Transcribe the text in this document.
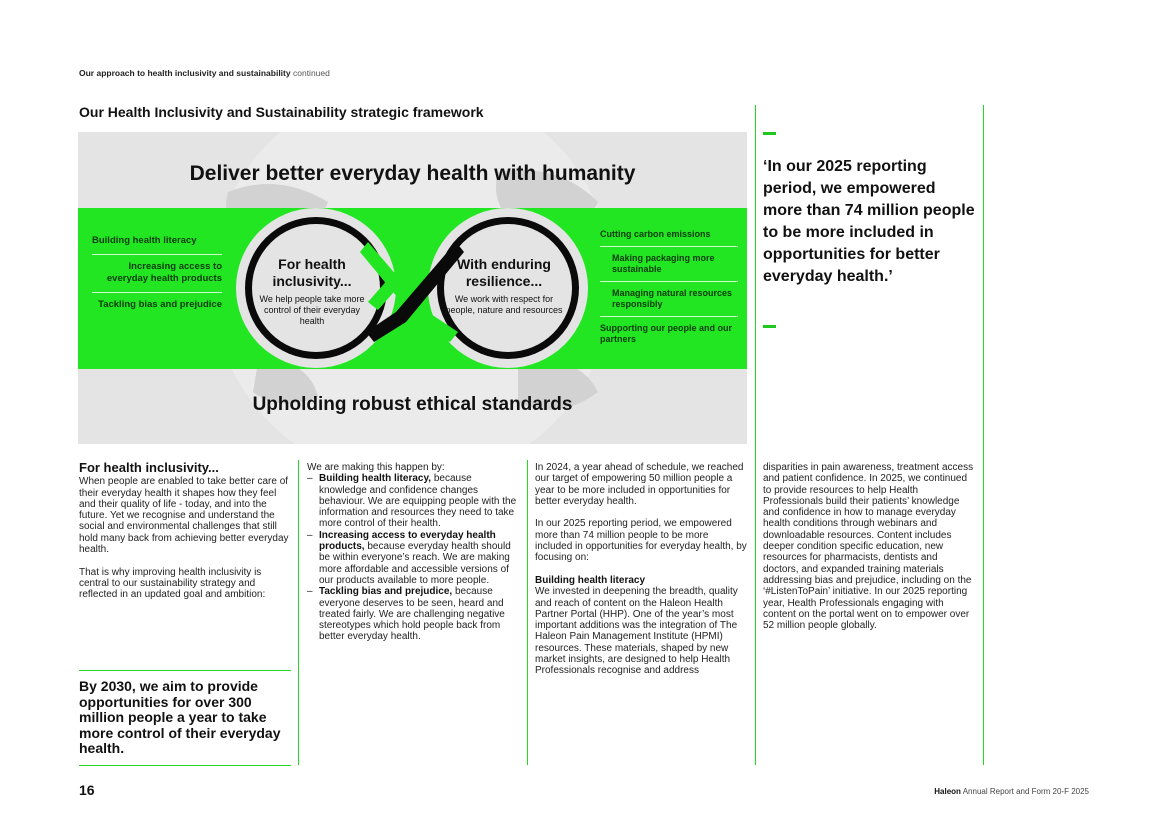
Our approach to health inclusivity and sustainability continued
Our Health Inclusivity and Sustainability strategic framework
Deliver better everyday health with humanity
Building health literacy
Increasing access to everyday health products
Tackling bias and prejudice
For health inclusivity...
We help people take more control of their everyday health
With enduring resilience...
We work with respect for people, nature and resources
Cutting carbon emissions
Making packaging more sustainable
Managing natural resources responsibly
Supporting our people and our partners
Upholding robust ethical standards
‘In our 2025 reporting period, we empowered more than 74 million people to be more included in opportunities for better everyday health.’
For health inclusivity...

When people are enabled to take better care of their everyday health it shapes how they feel and their quality of life - today, and into the future. Yet we recognise and understand the social and environmental challenges that still hold many back from achieving better everyday health.

That is why improving health inclusivity is central to our sustainability strategy and reflected in an updated goal and ambition:

By 2030, we aim to provide opportunities for over 300 million people a year to take more control of their everyday health.
We are making this happen by:
– Building health literacy, because knowledge and confidence changes behaviour. We are equipping people with the information and resources they need to take more control of their health.
– Increasing access to everyday health products, because everyday health should be within everyone’s reach. We are making more affordable and accessible versions of our products available to more people.
– Tackling bias and prejudice, because everyone deserves to be seen, heard and treated fairly. We are challenging negative stereotypes which hold people back from better everyday health.

In 2024, a year ahead of schedule, we reached our target of empowering 50 million people a year to be more included in opportunities for better everyday health.

In our 2025 reporting period, we empowered more than 74 million people to be more included in opportunities for everyday health, by focusing on:

Building health literacy

We invested in deepening the breadth, quality and reach of content on the Haleon Health Partner Portal (HHP). One of the year’s most important additions was the integration of The Haleon Pain Management Institute (HPMI) resources. These materials, shaped by new market insights, are designed to help Health Professionals recognise and address

disparities in pain awareness, treatment access and patient confidence. In 2025, we continued to provide resources to help Health Professionals build their patients’ knowledge and confidence in how to manage everyday health conditions through webinars and downloadable resources. Content includes deeper condition specific education, new resources for pharmacists, dentists and doctors, and expanded training materials addressing bias and prejudice, including on the ‘#ListenToPain’ initiative. In our 2025 reporting year, Health Professionals engaging with content on the portal went on to empower over 52 million people globally.

16	Haleon Annual Report and Form 20-F 2025
